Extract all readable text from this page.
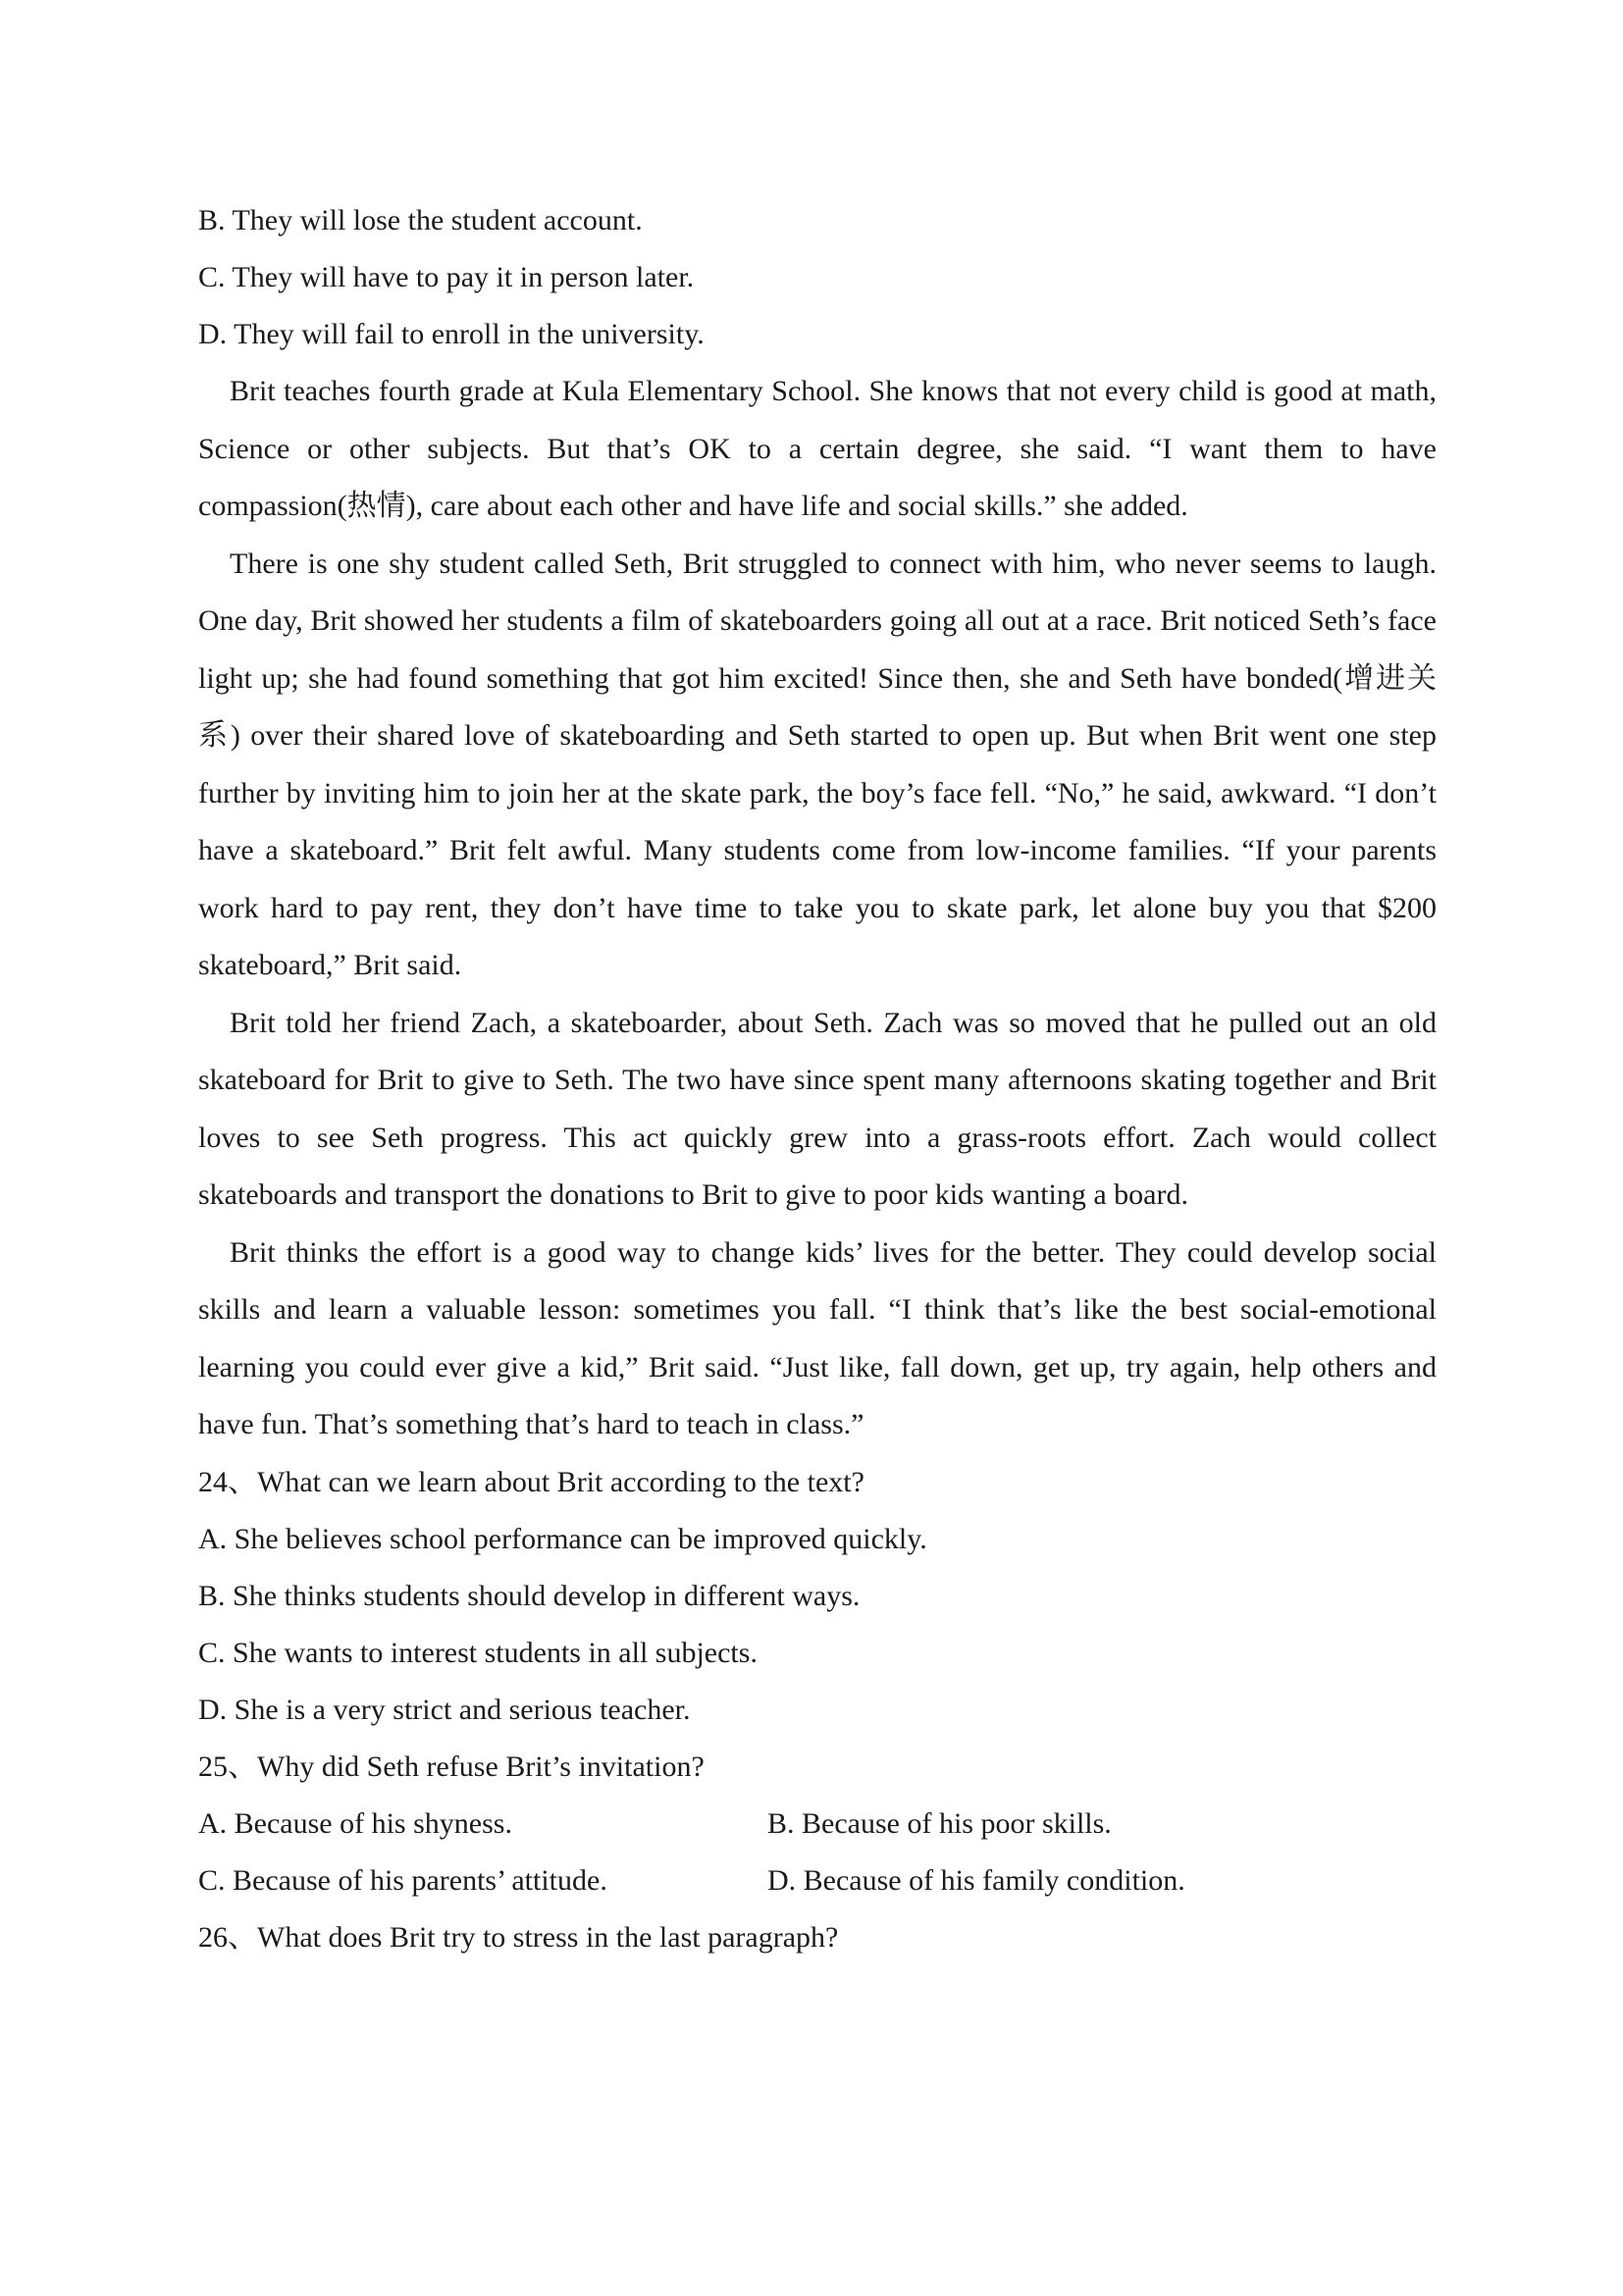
B. They will lose the student account.
C. They will have to pay it in person later.
D. They will fail to enroll in the university.
Brit teaches fourth grade at Kula Elementary School. She knows that not every child is good at math, Science or other subjects. But that’s OK to a certain degree, she said. “I want them to have compassion(热情), care about each other and have life and social skills.” she added.
There is one shy student called Seth, Brit struggled to connect with him, who never seems to laugh. One day, Brit showed her students a film of skateboarders going all out at a race. Brit noticed Seth’s face light up; she had found something that got him excited! Since then, she and Seth have bonded(增进关系) over their shared love of skateboarding and Seth started to open up. But when Brit went one step further by inviting him to join her at the skate park, the boy’s face fell. “No,” he said, awkward. “I don’t have a skateboard.” Brit felt awful. Many students come from low-income families. “If your parents work hard to pay rent, they don’t have time to take you to skate park, let alone buy you that $200 skateboard,” Brit said.
Brit told her friend Zach, a skateboarder, about Seth. Zach was so moved that he pulled out an old skateboard for Brit to give to Seth. The two have since spent many afternoons skating together and Brit loves to see Seth progress. This act quickly grew into a grass-roots effort. Zach would collect skateboards and transport the donations to Brit to give to poor kids wanting a board.
Brit thinks the effort is a good way to change kids’ lives for the better. They could develop social skills and learn a valuable lesson: sometimes you fall. “I think that’s like the best social-emotional learning you could ever give a kid,” Brit said. “Just like, fall down, get up, try again, help others and have fun. That’s something that’s hard to teach in class.”
24、What can we learn about Brit according to the text?
A. She believes school performance can be improved quickly.
B. She thinks students should develop in different ways.
C. She wants to interest students in all subjects.
D. She is a very strict and serious teacher.
25、Why did Seth refuse Brit’s invitation?
A. Because of his shyness.	B. Because of his poor skills.
C. Because of his parents’ attitude.	D. Because of his family condition.
26、What does Brit try to stress in the last paragraph?
